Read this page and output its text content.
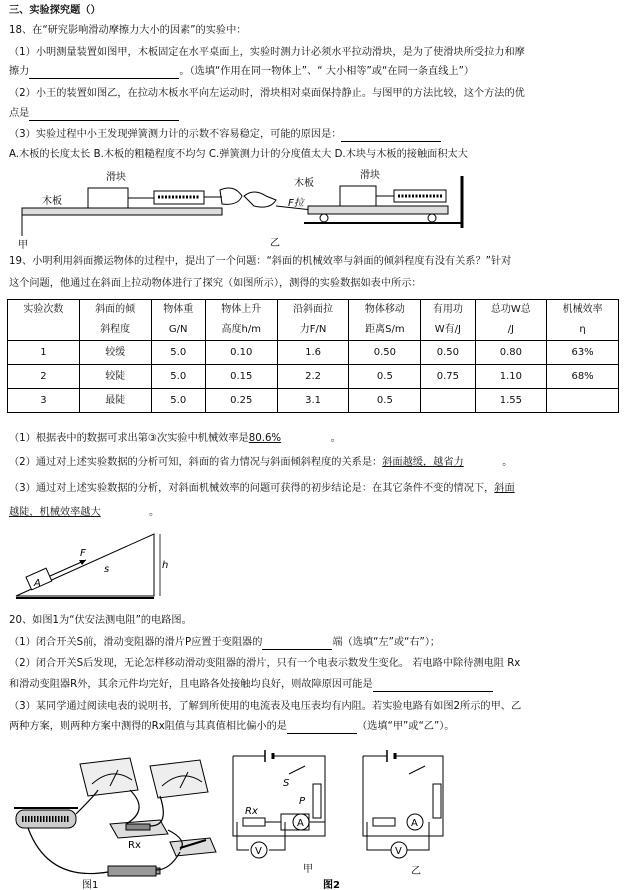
三、实验探究题（）
18、在“研究影响滑动摩擦力大小的因素”的实验中：
（1）小明测量装置如图甲，木板固定在水平桌面上，实验时测力计必须水平拉动滑块，是为了使滑块所受拉力和摩
擦力	。（选填“作用在同一物体上”、“ 大小相等”或“在同一条直线上”）
（2）小王的装置如图乙，在拉动木板水平向左运动时，滑块相对桌面保持静止。与图甲的方法比较，这个方法的优
点是
（3）实验过程中小王发现弹簧测力计的示数不容易稳定，可能的原因是：
A.木板的长度太长 B.木板的粗糙程度不均匀 C.弹簧测力计的分度值太大 D.木块与木板的接触面积太大
木板
滑块
甲
木板
滑块
F拉
乙
19、小明利用斜面搬运物体的过程中，提出了一个问题：“斜面的机械效率与斜面的倾斜程度有没有关系？”针对
这个问题，他通过在斜面上拉动物体进行了探究（如图所示），测得的实验数据如表中所示：
实验次数	斜面的倾	物体重	物体上升	沿斜面拉	物体移动	有用功	总功W总	机械效率
	斜程度	G/N	高度h/m	力F/N	距离S/m	W有/J	/J	η
1	较缓	5.0	0.10	1.6	0.50	0.50	0.80	63%
2	较陡	5.0	0.15	2.2	0.5	0.75	1.10	68%
3	最陡	5.0	0.25	3.1	0.5		1.55	
（1）根据表中的数据可求出第③次实验中机械效率是80.6%	。
（2）通过对上述实验数据的分析可知，斜面的省力情况与斜面倾斜程度的关系是：斜面越缓，越省力	。
（3）通过对上述实验数据的分析，对斜面机械效率的问题可获得的初步结论是：在其它条件不变的情况下，斜面
越陡，机械效率越大	。
A
F
s	h
20、如图1为“伏安法测电阻”的电路图。
（1）闭合开关S前，滑动变阻器的滑片P应置于变阻器的	端（选填“左”或“右”）；
（2）闭合开关S后发现，无论怎样移动滑动变阻器的滑片，只有一个电表示数发生变化。 若电路中除待测电阻 Rx
和滑动变阻器R外，其余元件均完好，且电路各处接触均良好，则故障原因可能是
（3）某同学通过阅读电表的说明书，了解到所使用的电流表及电压表均有内阻。若实验电路有如图2所示的甲、乙
两种方案，则两种方案中测得的Rx阻值与其真值相比偏小的是	（选填“甲”或“乙”）。
Rx
图1
S
P
A
V
Rx
A
V
甲	乙
图2
